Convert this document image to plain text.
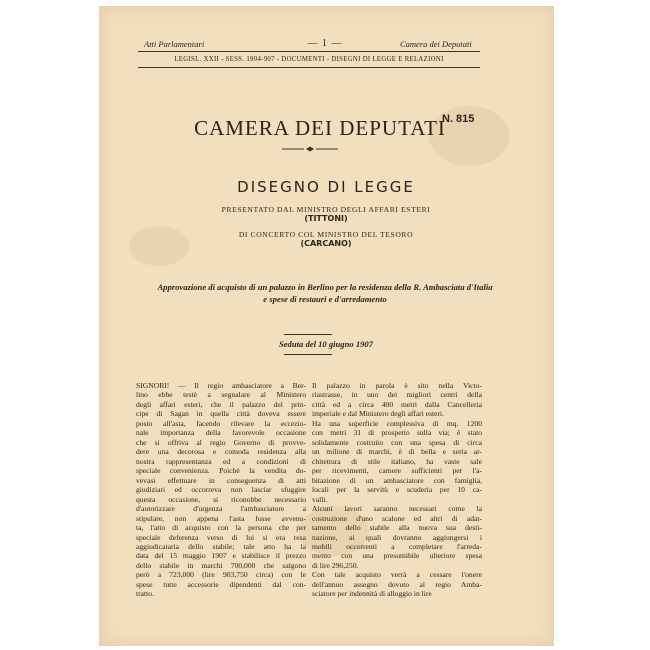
Atti Parlamentari	— 1 —	Camera dei Deputati
LEGISL. XXII - SESS. 1904-907 - DOCUMENTI - DISEGNI DI LEGGE E RELAZIONI
CAMERA DEI DEPUTATI
N. 815
DISEGNO DI LEGGE
PRESENTATO DAL MINISTRO DEGLI AFFARI ESTERI
(TITTONI)
DI CONCERTO COL MINISTRO DEL TESORO
(CARCANO)
Approvazione di acquisto di un palazzo in Berlino per la residenza della R. Ambasciata d'Italia
e spese di restauri e d'arredamento
Seduta del 10 giugno 1907
SIGNORI! — Il regio ambasciatore a Ber-
lino ebbe testè a segnalare al Ministero
degli affari esteri, che il palazzo del prin-
cipe di Sagan in quella città doveva essere
posto all'asta, facendo rilevare la eccezio-
nale importanza della favorevole occasione
che si offriva al regio Governo di provve-
dere una decorosa e comoda residenza alla
nostra rappresentanza ed a condizioni di
speciale convenienza. Poichè la vendita do-
vevasi effettuare in conseguenza di atti
giudiziari ed occorreva non lasciar sfuggire
questa occasione, si riconobbe necessario
d'autorizzare d'urgenza l'ambasciatore a
stipulare, non appena l'asta fosse avvenu-
ta, l'atto di acquisto con la persona che per
speciale deferenza verso di lui si era resa
aggiudicataria dello stabile; tale atto ha la
data del 15 maggio 1907 e stabilisce il prezzo
dello stabile in marchi 700,000 che salgono
però a 723,000 (lire 903,750 circa) con le
spese tutte accessorie dipendenti dal con-
tratto.
Il palazzo in parola è sito nella Victo-
riastrasse, in uno dei migliori centri della
città ed a circa 400 metri dalla Cancelleria
imperiale e dal Ministero degli affari esteri.
Ha una superficie complessiva di mq. 1200
con metri 31 di prospetto sulla via; è stato
solidamente costruito con una spesa di circa
un milione di marchi, è di bella e seria ar-
chitettura di stile italiano, ha vaste sale
per ricevimenti, camere sufficienti per l'a-
bitazione di un ambasciatore con famiglia,
locali per la servitù e scuderia per 10 ca-
valli.
Alcuni lavori saranno necessari come la
costruzione d'uno scalone ed altri di adat-
tamento dello stabile alla nuova sua desti-
nazione, ai quali dovranno aggiungersi i
mobili occorrenti a completare l'arreda-
mento con una presumibile ulteriore spesa
di lire 296,250.
Con tale acquisto verrà a cessare l'onere
dell'annuo assegno dovuto al regio Amba-
sciatore per indennità di alloggio in lire
